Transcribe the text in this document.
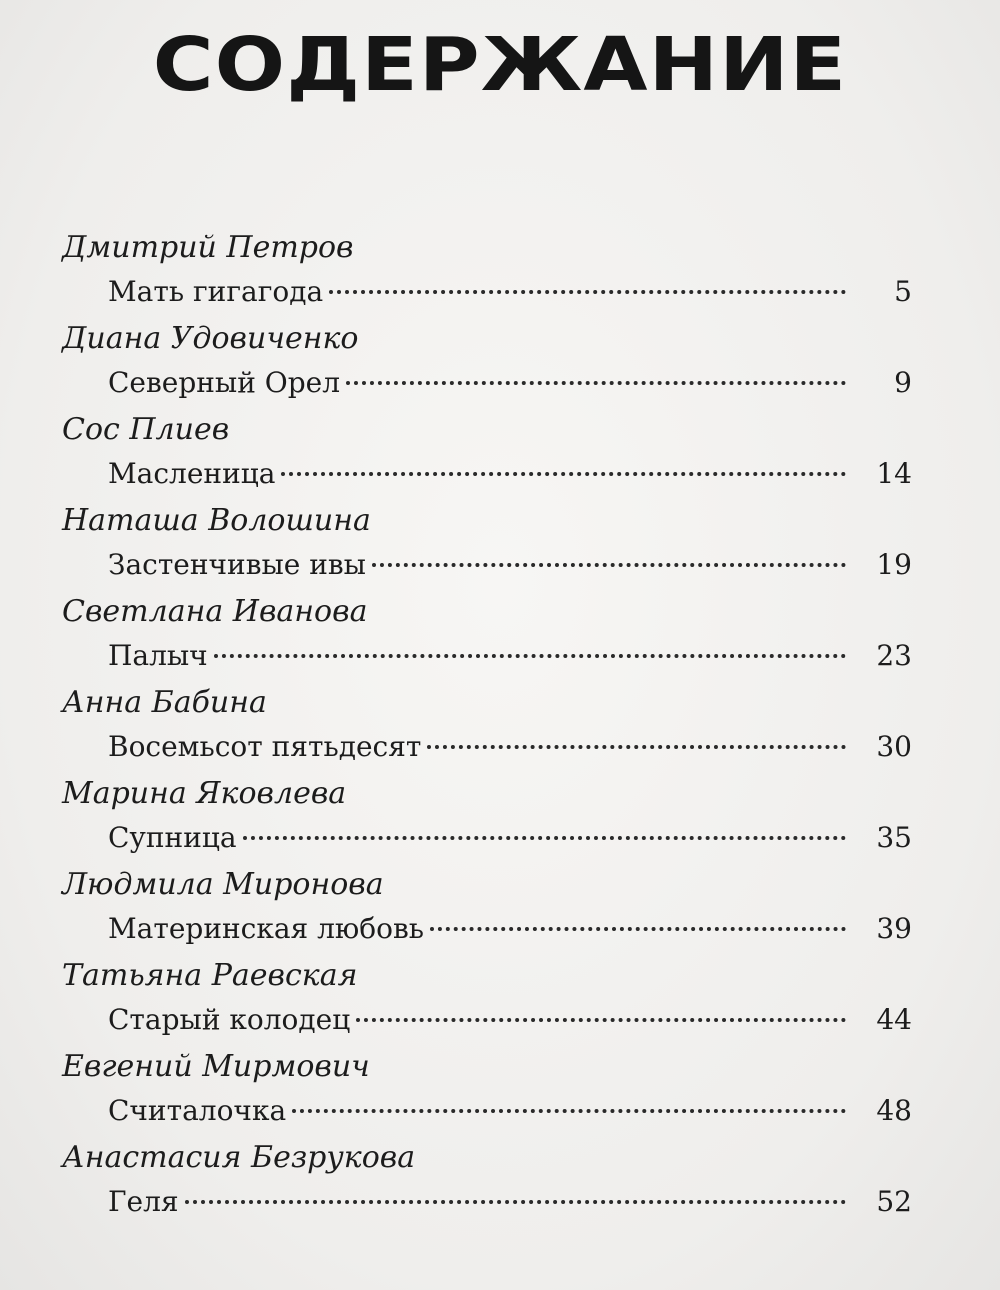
СОДЕРЖАНИЕ
Дмитрий Петров
Мать гигагода	5
Диана Удовиченко
Северный Орел	9
Сос Плиев
Масленица	14
Наташа Волошина
Застенчивые ивы	19
Светлана Иванова
Палыч	23
Анна Бабина
Восемьсот пятьдесят	30
Марина Яковлева
Супница	35
Людмила Миронова
Материнская любовь	39
Татьяна Раевская
Старый колодец	44
Евгений Мирмович
Считалочка	48
Анастасия Безрукова
Геля	52
